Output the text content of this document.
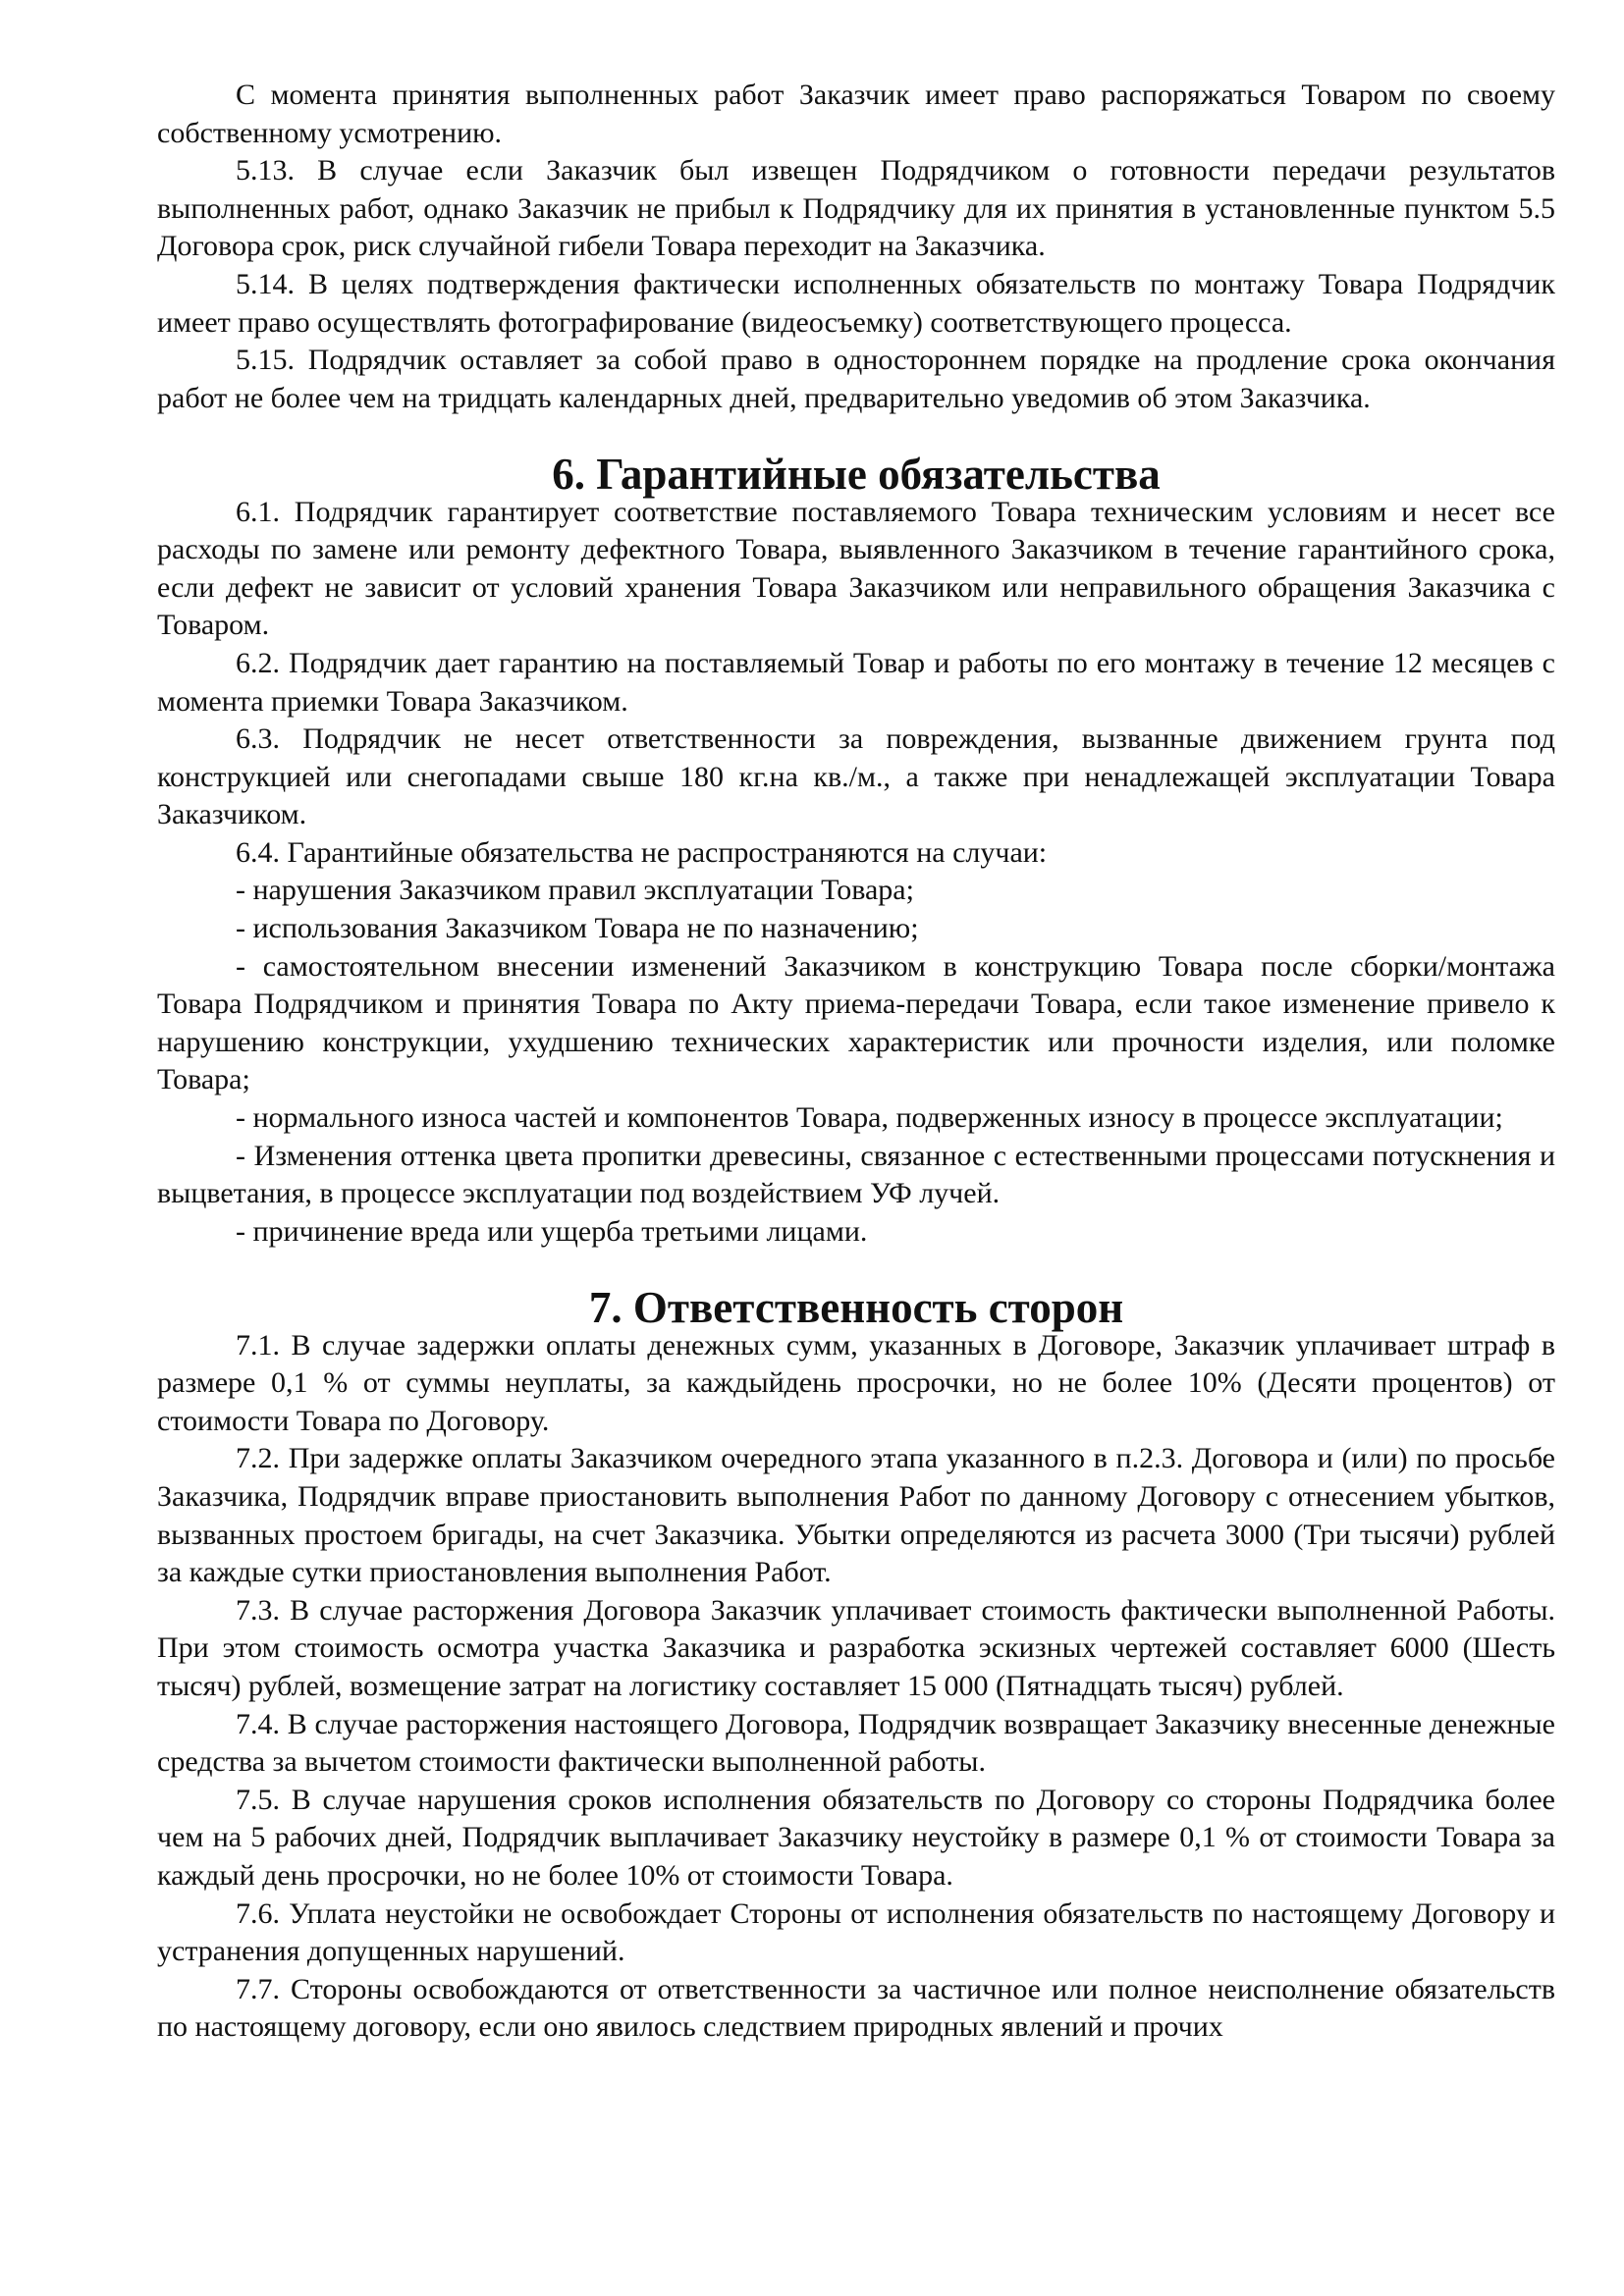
С момента принятия выполненных работ Заказчик имеет право распоряжаться Товаром по своему собственному усмотрению.

5.13. В случае если Заказчик был извещен Подрядчиком о готовности передачи результатов выполненных работ, однако Заказчик не прибыл к Подрядчику для их принятия в установленные пунктом 5.5 Договора срок, риск случайной гибели Товара переходит на Заказчика.

5.14. В целях подтверждения фактически исполненных обязательств по монтажу Товара Подрядчик имеет право осуществлять фотографирование (видеосъемку) соответствующего процесса.

5.15. Подрядчик оставляет за собой право в одностороннем порядке на продление срока окончания работ не более чем на тридцать календарных дней, предварительно уведомив об этом Заказчика.

6. Гарантийные обязательства

6.1. Подрядчик гарантирует соответствие поставляемого Товара техническим условиям и несет все расходы по замене или ремонту дефектного Товара, выявленного Заказчиком в течение гарантийного срока, если дефект не зависит от условий хранения Товара Заказчиком или неправильного обращения Заказчика с Товаром.

6.2. Подрядчик дает гарантию на поставляемый Товар и работы по его монтажу в течение 12 месяцев с момента приемки Товара Заказчиком.

6.3. Подрядчик не несет ответственности за повреждения, вызванные движением грунта под конструкцией или снегопадами свыше 180 кг.на кв./м., а также при ненадлежащей эксплуатации Товара Заказчиком.

6.4. Гарантийные обязательства не распространяются на случаи:

- нарушения Заказчиком правил эксплуатации Товара;

- использования Заказчиком Товара не по назначению;

- самостоятельном внесении изменений Заказчиком в конструкцию Товара после сборки/монтажа Товара Подрядчиком и принятия Товара по Акту приема-передачи Товара, если такое изменение привело к нарушению конструкции, ухудшению технических характеристик или прочности изделия, или поломке Товара;

- нормального износа частей и компонентов Товара, подверженных износу в процессе эксплуатации;

- Изменения оттенка цвета пропитки древесины, связанное с естественными процессами потускнения и выцветания, в процессе эксплуатации под воздействием УФ лучей.

- причинение вреда или ущерба третьими лицами.

7. Ответственность сторон

7.1. В случае задержки оплаты денежных сумм, указанных в Договоре, Заказчик уплачивает штраф в размере 0,1 % от суммы неуплаты, за каждыйдень просрочки, но не более 10% (Десяти процентов) от стоимости Товара по Договору.

7.2. При задержке оплаты Заказчиком очередного этапа указанного в п.2.3. Договора и (или) по просьбе Заказчика, Подрядчик вправе приостановить выполнения Работ по данному Договору с отнесением убытков, вызванных простоем бригады, на счет Заказчика. Убытки определяются из расчета 3000 (Три тысячи) рублей за каждые сутки приостановления выполнения Работ.

7.3. В случае расторжения Договора Заказчик уплачивает стоимость фактически выполненной Работы. При этом стоимость осмотра участка Заказчика и разработка эскизных чертежей составляет 6000 (Шесть тысяч) рублей, возмещение затрат на логистику составляет 15 000 (Пятнадцать тысяч) рублей.

7.4. В случае расторжения настоящего Договора, Подрядчик возвращает Заказчику внесенные денежные средства за вычетом стоимости фактически выполненной работы.

7.5. В случае нарушения сроков исполнения обязательств по Договору со стороны Подрядчика более чем на 5 рабочих дней, Подрядчик выплачивает Заказчику неустойку в размере 0,1 % от стоимости Товара за каждый день просрочки, но не более 10% от стоимости Товара.

7.6. Уплата неустойки не освобождает Стороны от исполнения обязательств по настоящему Договору и устранения допущенных нарушений.

7.7. Стороны освобождаются от ответственности за частичное или полное неисполнение обязательств по настоящему договору, если оно явилось следствием природных явлений и прочих
